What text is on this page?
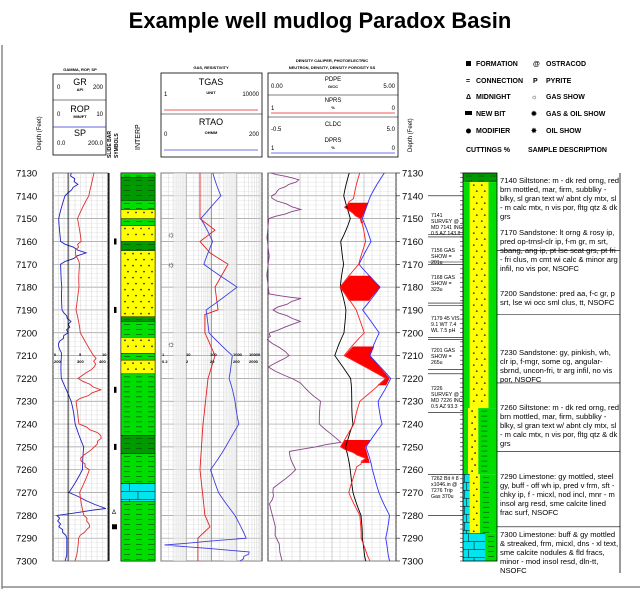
Example well mudlog Paradox Basin
GAMMA, ROP, SP
GR
API
0	200
ROP
MIN/FT
0	10
SP
0.0	200.0
Depth (Feet)	SLIDE BAR SYMBOLS INTERP
GAS, RESISTIVITY
TGAS
UNIT
1	10000
RTAO
OHMM
0	200
DENSITY CALIPER, PHOTOELECTRIC
NEUTRON, DENSITY, DENSITY POROSITY SS
PDPE
G/CC
0.00	5.00
NPRS
%
1	0
CLDC
-0.5	5.0
DPRS
%
1	0 Depth (Feet)
FORMATION
= CONNECTION
Δ MIDNIGHT
NEW BIT
MODIFIER
@ OSTRACOD
P PYRITE
☼ GAS SHOW
✹ GAS & OIL SHOW
✸ OIL SHOW
CUTTINGS %	SAMPLE DESCRIPTION
☼
☼
☼
Δ
7130	7130
7140	7140
7150	7150
7160	7160
7170	7170
7180	7180
7190	7190
7200	7200
7210	7210
7220	7220
7230	7230
7240	7240
7250	7250
7260	7260
7270	7270
7280	7280
7290	7290
7300	7300
0	5	10
200	300	400
1	10	100	1000 10000
0.2	2	20	200 2000
7141 SURVEY @ MD 7141 INC 0.5 AZ 143.8
7156 GAS SHOW = 201u
7168 GAS SHOW = 323u
7179 45 VIS 9.1 WT 7.4 WL 7.5 pH
7201 GAS SHOW = 265u
7226 SURVEY @ MD 7226 INC 0.5 AZ 93.3
7262 Bit # 8 x1046.in @ 7276 Trip Gas 370u
7140 Siltstone: m - dk red orng, red brn mottled, mar, firm, subblky - blky, sl gran text w/ abnt cly mtx, sl - m calc mtx, n vis por, fltg qtz & dk grs
7170 Sandstone: lt orng & rosy ip, pred op-trnsl-clr ip, f-m gr, m srt, sbang, ang ip, pt lse scat grs, pt fri - fri clus, m cmt wi calc & minor arg infil, no vis por, NSOFC
7200 Sandstone: pred aa, f-c gr, p srt, lse wi occ sml clus, tt, NSOFC
7230 Sandstone: gy, pinkish, wh, clr ip, f-mgr, some cg, angular-sbrnd, uncon-fri, tr arg infil, no vis por, NSOFC
7260 Siltstone: m - dk red orng, red brn mottled, mar, firm, subblky - blky, sl gran text w/ abnt cly mtx, sl - m calc mtx, n vis por, fltg qtz & dk grs
7290 Limestone: gy mottled, steel gy, buff - off wh ip, pred v frm, sft - chky ip, f - micxl, nod incl, mnr - m insol arg resd, sme calcite lined frac surf, NSOFC
7300 Limestone: buff & gy mottled & streaked, frm, micxl, dns - xl text, sme calcite nodules & fld fracs, minor - mod insol resd, dln-tt, NSOFC
